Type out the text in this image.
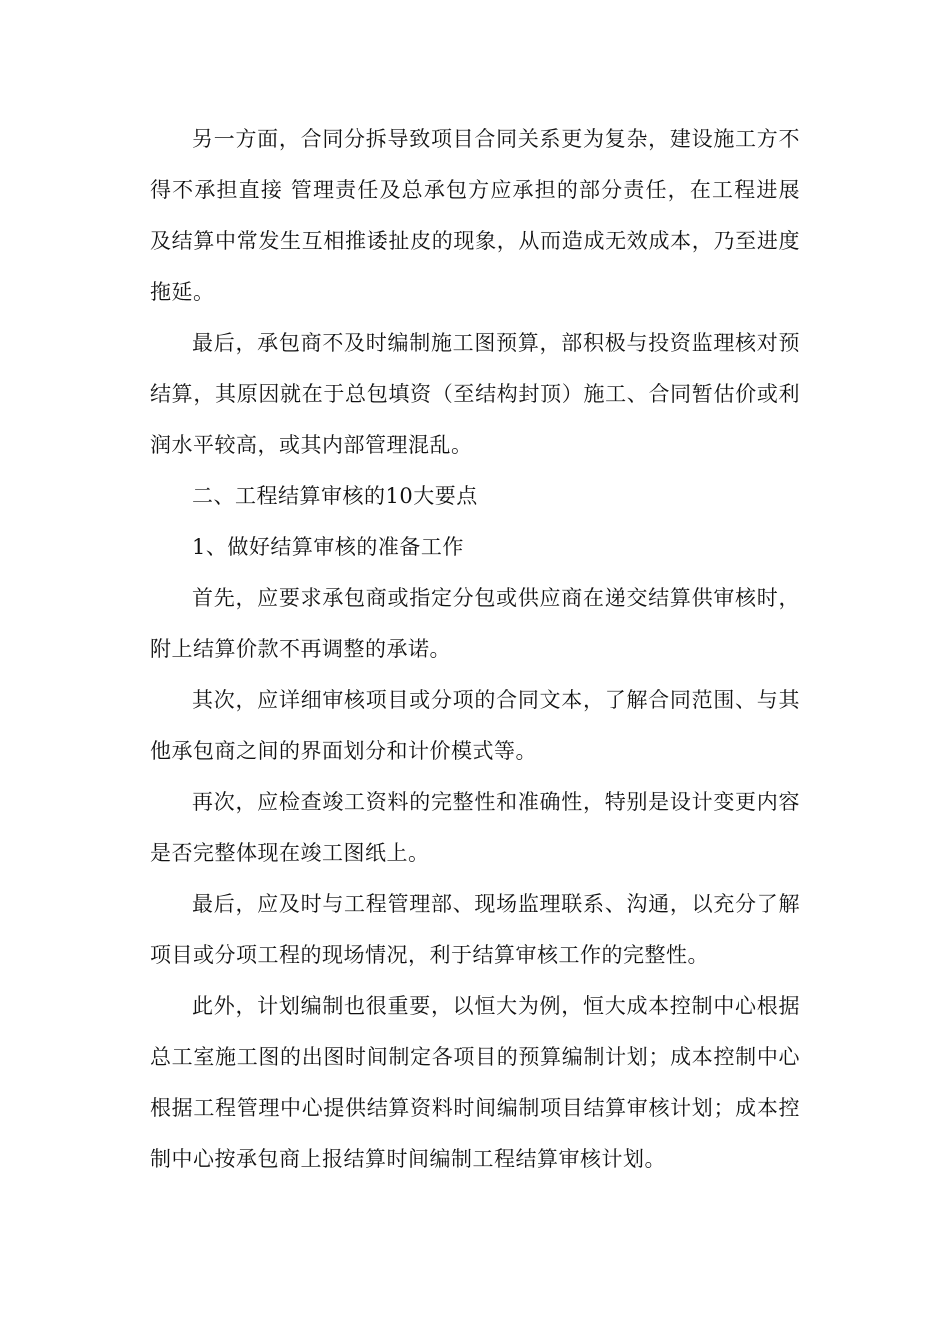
另一方面，合同分拆导致项目合同关系更为复杂，建设施工方不得不承担直接 管理责任及总承包方应承担的部分责任，在工程进展及结算中常发生互相推诿扯皮的现象，从而造成无效成本，乃至进度拖延。

最后，承包商不及时编制施工图预算，部积极与投资监理核对预结算，其原因就在于总包填资（至结构封顶）施工、合同暂估价或利润水平较高，或其内部管理混乱。

二、工程结算审核的10大要点

1、做好结算审核的准备工作

首先，应要求承包商或指定分包或供应商在递交结算供审核时，附上结算价款不再调整的承诺。

其次，应详细审核项目或分项的合同文本，了解合同范围、与其他承包商之间的界面划分和计价模式等。

再次，应检查竣工资料的完整性和准确性，特别是设计变更内容是否完整体现在竣工图纸上。

最后，应及时与工程管理部、现场监理联系、沟通，以充分了解项目或分项工程的现场情况，利于结算审核工作的完整性。

此外，计划编制也很重要，以恒大为例，恒大成本控制中心根据总工室施工图的出图时间制定各项目的预算编制计划；成本控制中心根据工程管理中心提供结算资料时间编制项目结算审核计划；成本控制中心按承包商上报结算时间编制工程结算审核计划。
